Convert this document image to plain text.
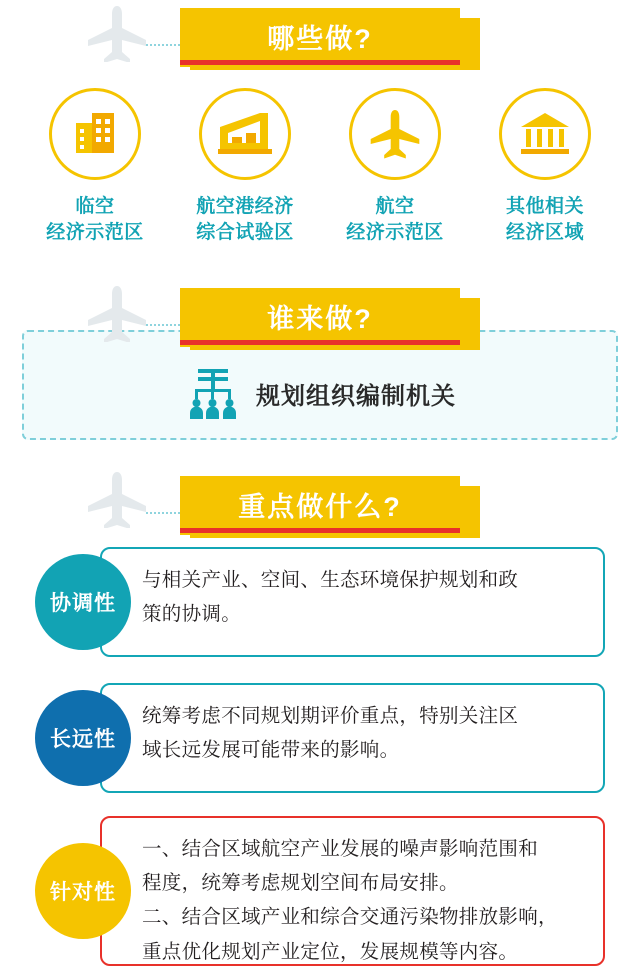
哪些做?
临空
经济示范区
航空港经济
综合试验区
航空
经济示范区
其他相关
经济区域
谁来做?
规划组织编制机关
重点做什么?

与相关产业、空间、生态环境保护规划和政

策的协调。

协调性

统筹考虑不同规划期评价重点，特别关注区

域长远发展可能带来的影响。

长远性

一、结合区域航空产业发展的噪声影响范围和

程度，统筹考虑规划空间布局安排。

二、结合区域产业和综合交通污染物排放影响，

重点优化规划产业定位，发展规模等内容。

针对性
